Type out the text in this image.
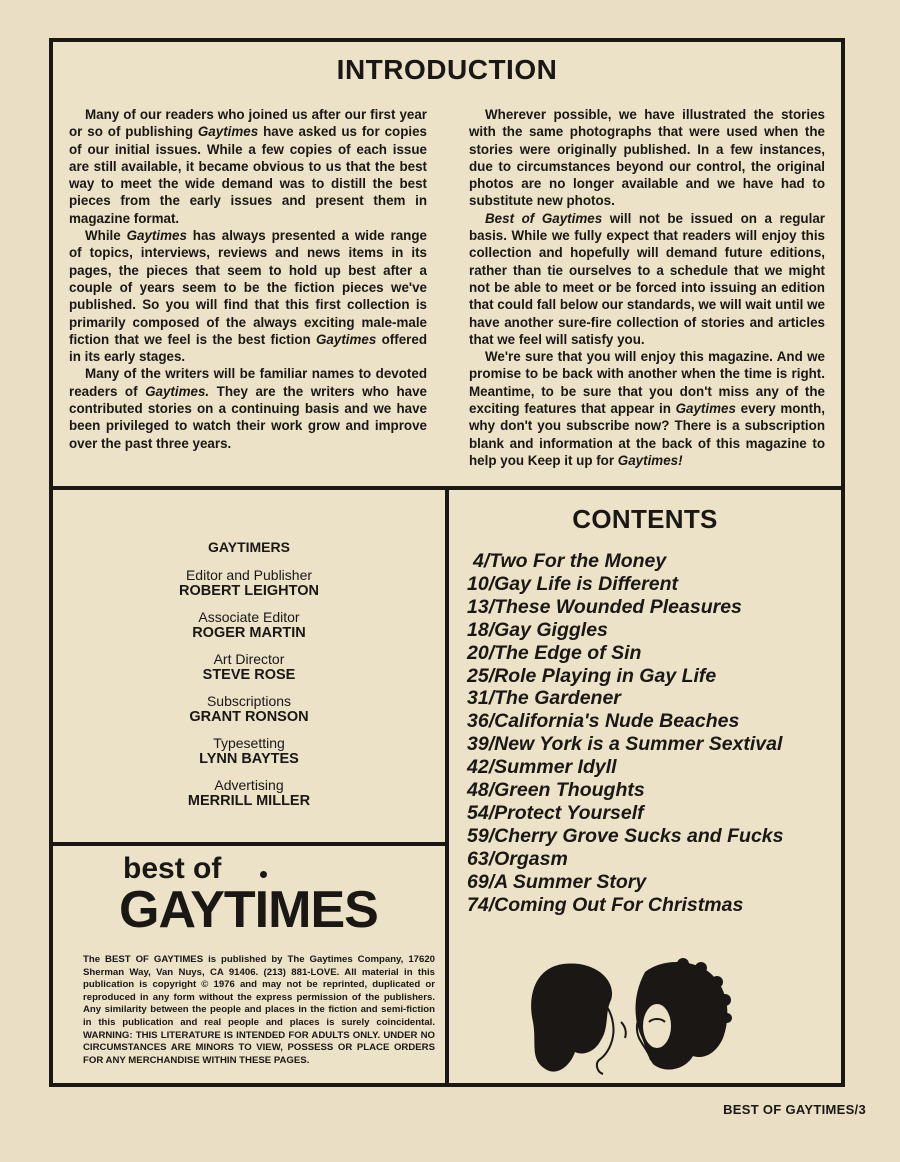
INTRODUCTION

Many of our readers who joined us after our first year or so of publishing Gaytimes have asked us for copies of our initial issues. While a few copies of each issue are still available, it became obvious to us that the best way to meet the wide demand was to distill the best pieces from the early issues and present them in magazine format.

While Gaytimes has always presented a wide range of topics, interviews, reviews and news items in its pages, the pieces that seem to hold up best after a couple of years seem to be the fiction pieces we've published. So you will find that this first collection is primarily composed of the always exciting male-male fiction that we feel is the best fiction Gaytimes offered in its early stages.

Many of the writers will be familiar names to devoted readers of Gaytimes. They are the writers who have contributed stories on a continuing basis and we have been privileged to watch their work grow and improve over the past three years.

Wherever possible, we have illustrated the stories with the same photographs that were used when the stories were originally published. In a few instances, due to circumstances beyond our control, the original photos are no longer available and we have had to substitute new photos.

Best of Gaytimes will not be issued on a regular basis. While we fully expect that readers will enjoy this collection and hopefully will demand future editions, rather than tie ourselves to a schedule that we might not be able to meet or be forced into issuing an edition that could fall below our standards, we will wait until we have another sure-fire collection of stories and articles that we feel will satisfy you.

We're sure that you will enjoy this magazine. And we promise to be back with another when the time is right. Meantime, to be sure that you don't miss any of the exciting features that appear in Gaytimes every month, why don't you subscribe now? There is a subscription blank and information at the back of this magazine to help you Keep it up for Gaytimes!

GAYTIMERS
Editor and Publisher
ROBERT LEIGHTON
Associate Editor
ROGER MARTIN
Art Director
STEVE ROSE
Subscriptions
GRANT RONSON
Typesetting
LYNN BAYTES
Advertising
MERRILL MILLER
best of
GAYTIMES
The BEST OF GAYTIMES is published by The Gaytimes Company, 17620 Sherman Way, Van Nuys, CA 91406. (213) 881-LOVE. All material in this publication is copyright © 1976 and may not be reprinted, duplicated or reproduced in any form without the express permission of the publishers. Any similarity between the people and places in the fiction and semi-fiction in this publication and real people and places is surely coincidental. WARNING: THIS LITERATURE IS INTENDED FOR ADULTS ONLY. UNDER NO CIRCUMSTANCES ARE MINORS TO VIEW, POSSESS OR PLACE ORDERS FOR ANY MERCHANDISE WITHIN THESE PAGES.
CONTENTS
4/Two For the Money
10/Gay Life is Different
13/These Wounded Pleasures
18/Gay Giggles
20/The Edge of Sin
25/Role Playing in Gay Life
31/The Gardener
36/California's Nude Beaches
39/New York is a Summer Sextival
42/Summer Idyll
48/Green Thoughts
54/Protect Yourself
59/Cherry Grove Sucks and Fucks
63/Orgasm
69/A Summer Story
74/Coming Out For Christmas
BEST OF GAYTIMES/3
